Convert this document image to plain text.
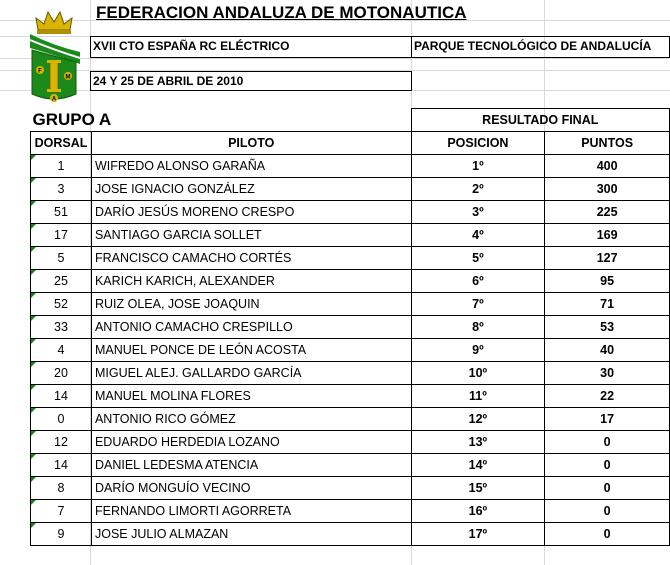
F
M
A
FEDERACION ANDALUZA DE MOTONAUTICA
XVII CTO ESPAÑA RC ELÉCTRICO	PARQUE TECNOLÓGICO DE ANDALUCÍA
24 Y 25 DE ABRIL DE 2010
GRUPO A		RESULTADO FINAL	
DORSAL	PILOTO	POSICION	PUNTOS

1	WIFREDO ALONSO GARAÑA	1º	400

3	JOSE IGNACIO GONZÁLEZ	2º	300

51	DARÍO JESÚS MORENO CRESPO	3º	225

17	SANTIAGO GARCIA SOLLET	4º	169

5	FRANCISCO CAMACHO CORTÉS	5º	127

25	KARICH KARICH, ALEXANDER	6º	95

52	RUIZ OLEA, JOSE JOAQUIN	7º	71

33	ANTONIO CAMACHO CRESPILLO	8º	53

4	MANUEL PONCE DE LEÓN ACOSTA	9º	40

20	MIGUEL ALEJ. GALLARDO GARCÍA	10º	30

14	MANUEL MOLINA FLORES	11º	22

0	ANTONIO RICO GÓMEZ	12º	17

12	EDUARDO HERDEDIA LOZANO	13º	0

14	DANIEL LEDESMA ATENCIA	14º	0

8	DARÍO MONGUÍO VECINO	15º	0

7	FERNANDO LIMORTI AGORRETA	16º	0

9	JOSE JULIO ALMAZAN	17º	0
